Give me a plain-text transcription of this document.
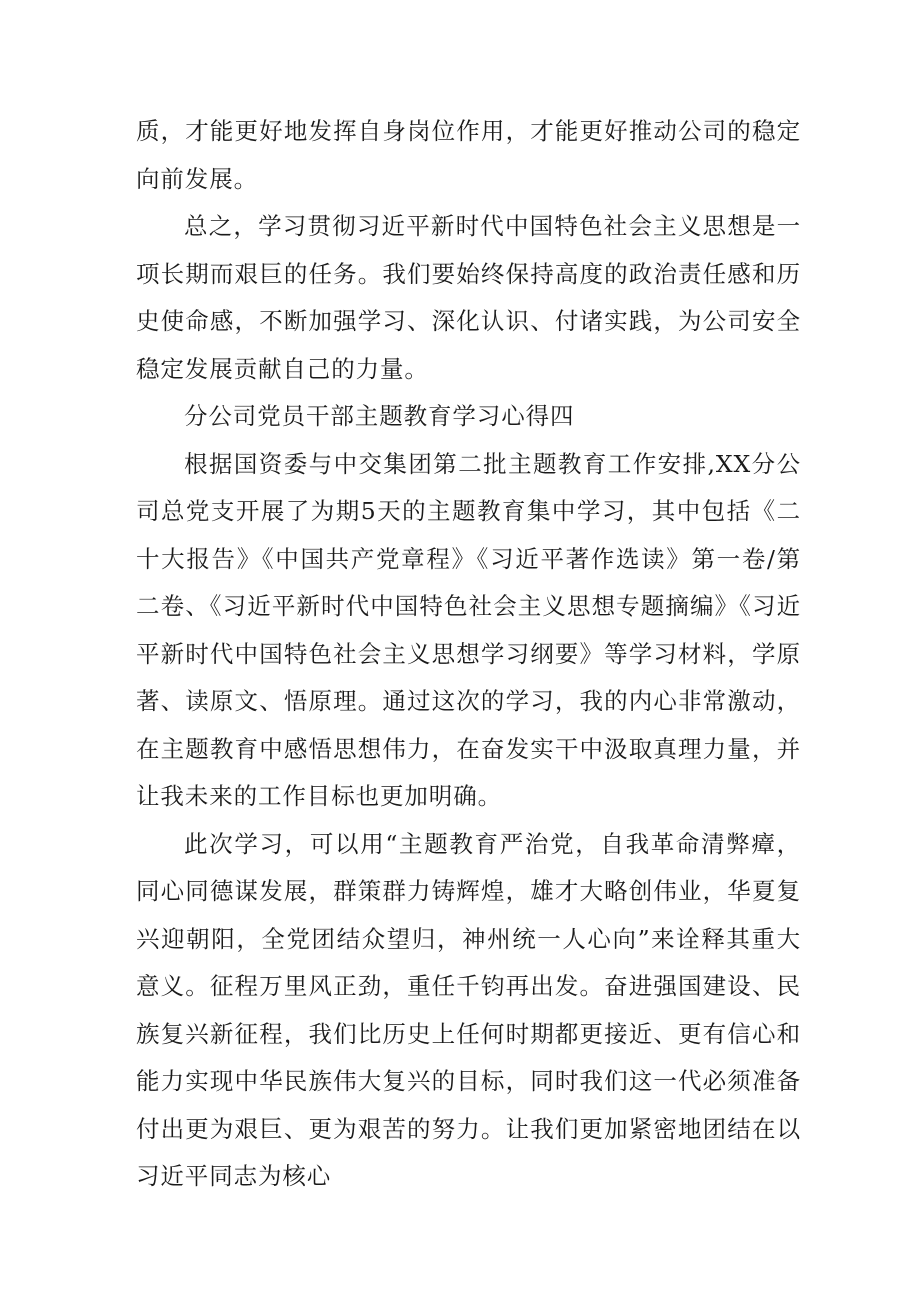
质，才能更好地发挥自身岗位作用，才能更好推动公司的稳定向前发展。

总之，学习贯彻习近平新时代中国特色社会主义思想是一项长期而艰巨的任务。我们要始终保持高度的政治责任感和历史使命感，不断加强学习、深化认识、付诸实践，为公司安全稳定发展贡献自己的力量。

分公司党员干部主题教育学习心得四

根据国资委与中交集团第二批主题教育工作安排,XX分公司总党支开展了为期5天的主题教育集中学习，其中包括《二十大报告》《中国共产党章程》《习近平著作选读》第一卷/第二卷、《习近平新时代中国特色社会主义思想专题摘编》《习近平新时代中国特色社会主义思想学习纲要》等学习材料，学原著、读原文、悟原理。通过这次的学习，我的内心非常激动，在主题教育中感悟思想伟力，在奋发实干中汲取真理力量，并让我未来的工作目标也更加明确。

此次学习，可以用“主题教育严治党，自我革命清弊瘴，同心同德谋发展，群策群力铸辉煌，雄才大略创伟业，华夏复兴迎朝阳，全党团结众望归，神州统一人心向”来诠释其重大意义。征程万里风正劲，重任千钧再出发。奋进强国建设、民族复兴新征程，我们比历史上任何时期都更接近、更有信心和能力实现中华民族伟大复兴的目标，同时我们这一代必须准备付出更为艰巨、更为艰苦的努力。让我们更加紧密地团结在以习近平同志为核心
